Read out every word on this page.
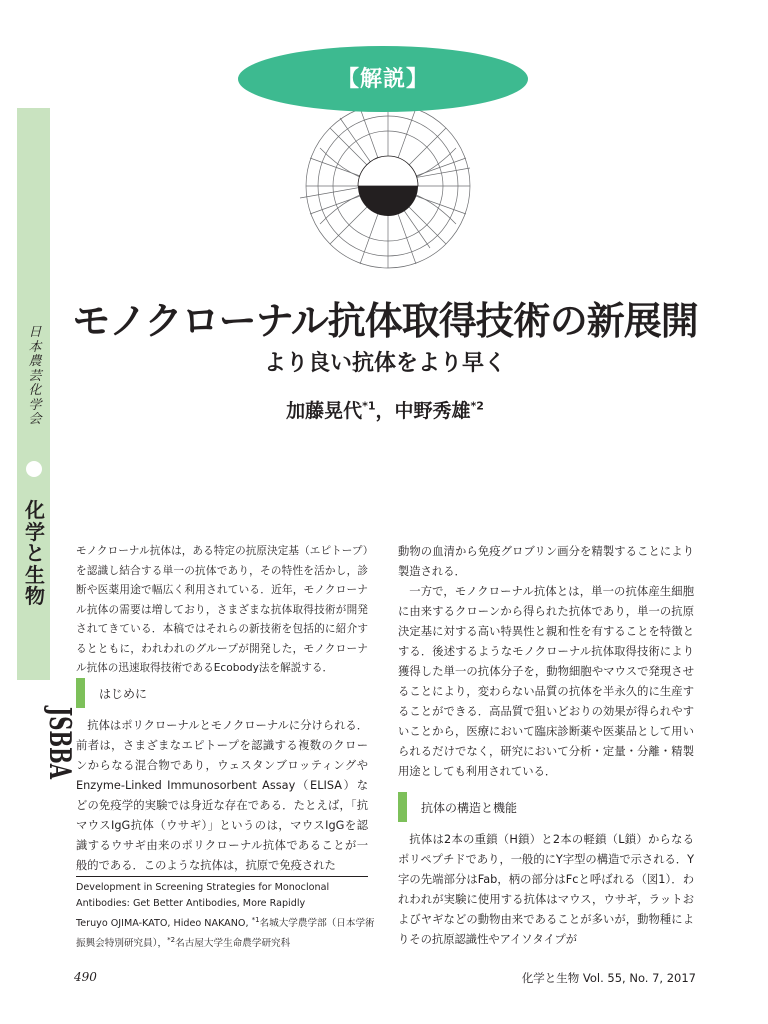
日
本
農
芸
化
学
会
化
学
と
生
物
JSBBA
【解説】
モノクローナル抗体取得技術の新展開
より良い抗体をより早く
加藤晃代$^{*1}$，中野秀雄$^{*2}$
モノクローナル抗体は，ある特定の抗原決定基（エピトープ）を認識し結合する単一の抗体であり，その特性を活かし，診断や医薬用途で幅広く利用されている．近年，モノクローナル抗体の需要は増しており，さまざまな抗体取得技術が開発されてきている．本稿ではそれらの新技術を包括的に紹介するとともに，われわれのグループが開発した，モノクローナル抗体の迅速取得技術であるEcobody法を解説する．
はじめに
抗体はポリクローナルとモノクローナルに分けられる．前者は，さまざまなエピトープを認識する複数のクローンからなる混合物であり，ウェスタンブロッティングやEnzyme-Linked Immunosorbent Assay（ELISA）などの免疫学的実験では身近な存在である．たとえば，「抗マウスIgG抗体（ウサギ）」というのは，マウスIgGを認識するウサギ由来のポリクローナル抗体であることが一般的である．このような抗体は，抗原で免疫された
動物の血清から免疫グロブリン画分を精製することにより製造される．
一方で，モノクローナル抗体とは，単一の抗体産生細胞に由来するクローンから得られた抗体であり，単一の抗原決定基に対する高い特異性と親和性を有することを特徴とする．後述するようなモノクローナル抗体取得技術により獲得した単一の抗体分子を，動物細胞やマウスで発現させることにより，変わらない品質の抗体を半永久的に生産することができる．高品質で狙いどおりの効果が得られやすいことから，医療において臨床診断薬や医薬品として用いられるだけでなく，研究において分析・定量・分離・精製用途としても利用されている．
抗体の構造と機能
抗体は2本の重鎖（H鎖）と2本の軽鎖（L鎖）からなるポリペプチドであり，一般的にY字型の構造で示される．Y字の先端部分はFab，柄の部分はFcと呼ばれる（図1）．われわれが実験に使用する抗体はマウス，ウサギ，ラットおよびヤギなどの動物由来であることが多いが，動物種によりその抗原認識性やアイソタイプが
Development in Screening Strategies for Monoclonal Antibodies: Get Better Antibodies, More Rapidly
Teruyo OJIMA-KATO, Hideo NAKANO, $^{*1}$名城大学農学部（日本学術振興会特別研究員），$^{*2}$名古屋大学生命農学研究科
490	化学と生物 Vol. 55, No. 7, 2017
